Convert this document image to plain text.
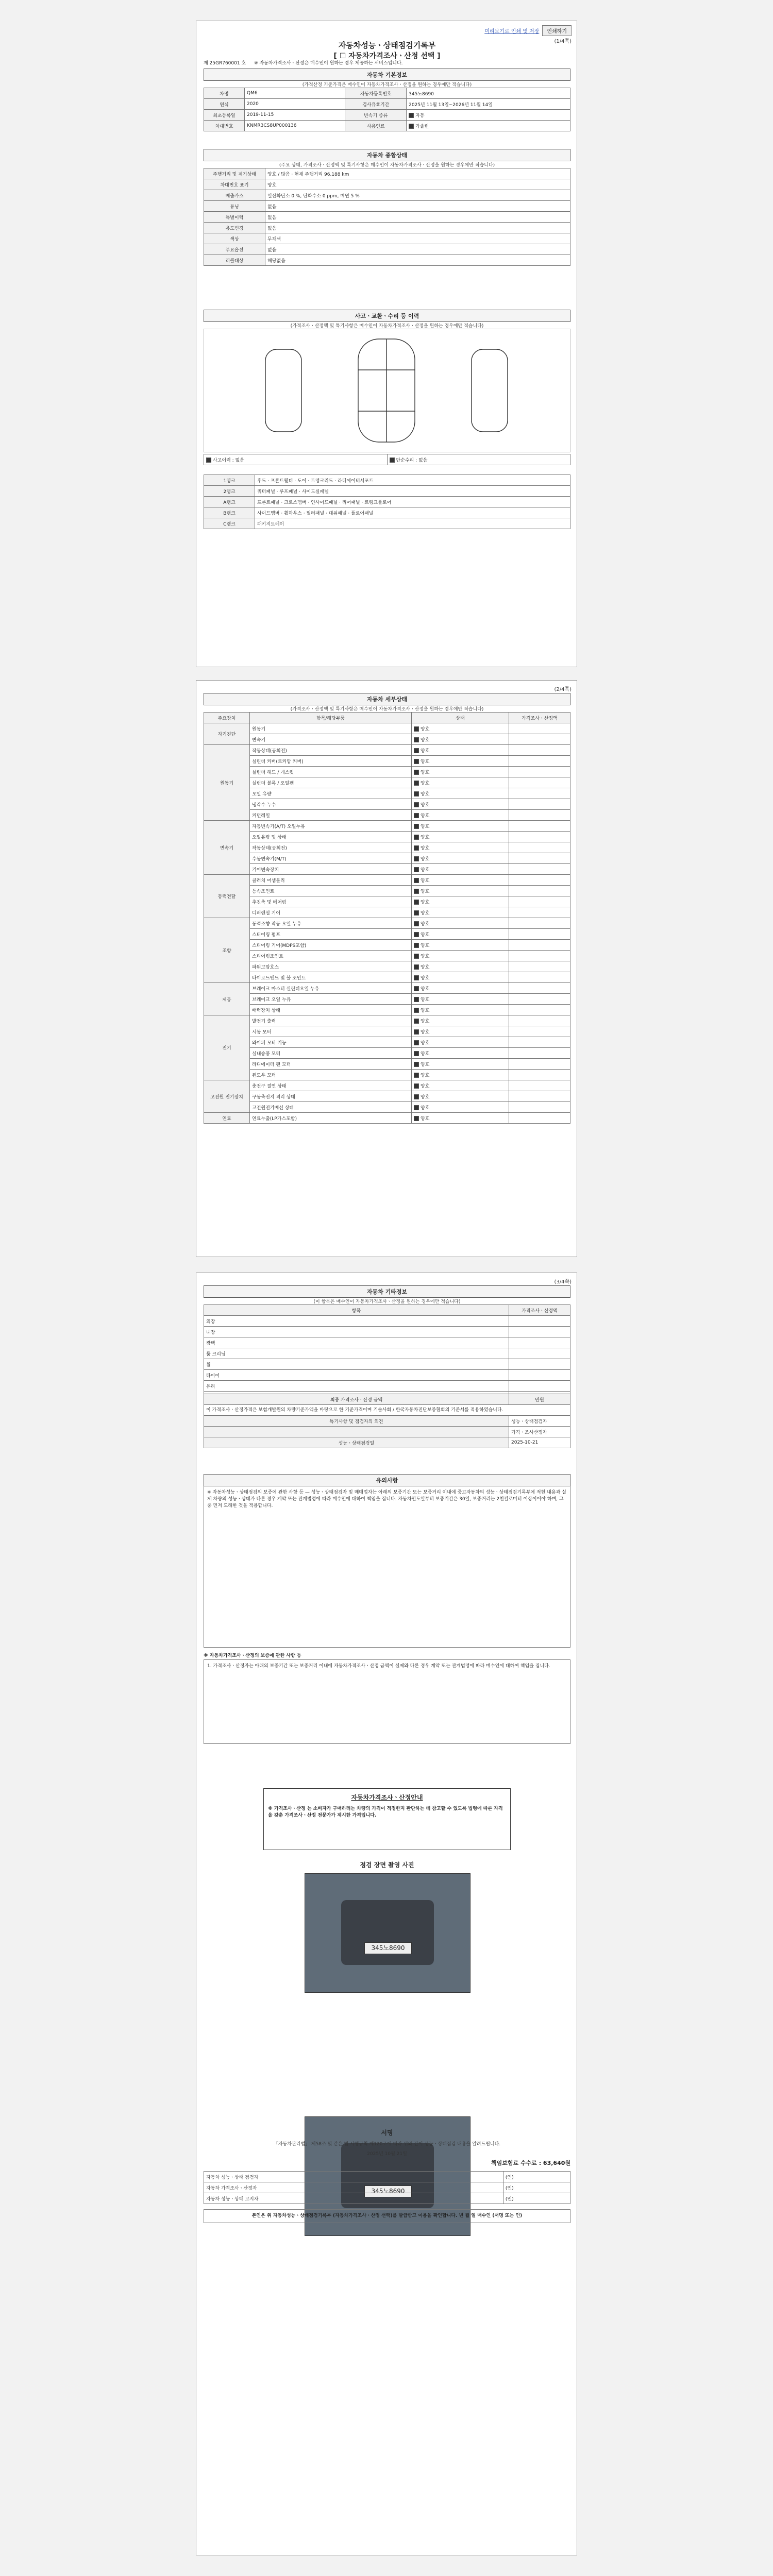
미리보기로 인쇄 및 저장	인쇄하기
(1/4쪽)
자동차성능ㆍ상태점검기록부
[ ☐ 자동차가격조사ㆍ산정 선택 ]
제 25GR760001 호 ※ 자동차가격조사ㆍ산정은 매수인이 원하는 경우 제공하는 서비스입니다.
자동차 기본정보
(가격산정 기준가격은 매수인이 자동차가격조사ㆍ산정을 원하는 경우에만 적습니다)
차명	QM6	자동차등록번호	345노8690
연식	2020	검사유효기간	2025년 11월 13일~2026년 11월 14일
최초등록일	2019-11-15	변속기 종류	자동
차대번호	KNMR3CS8UP000136	사용연료	가솔린
자동차 종합상태
(주요 상태, 가격조사ㆍ산정액 및 특기사항은 매수인이 자동차가격조사ㆍ산정을 원하는 경우에만 적습니다)
주행거리 및 계기상태	양호 / 많음 · 현재 주행거리 96,188 km
차대번호 표기	양호
배출가스	일산화탄소 0 %, 탄화수소 0 ppm, 매연 5 %
튜닝	없음
특별이력	없음
용도변경	없음
색상	무채색
주요옵션	없음
리콜대상	해당없음
사고ㆍ교환ㆍ수리 등 이력
(가격조사ㆍ산정액 및 특기사항은 매수인이 자동차가격조사ㆍ산정을 원하는 경우에만 적습니다)
사고이력 : 없음	단순수리 : 없음
1랭크	후드 · 프론트휀더 · 도어 · 트렁크리드 · 라디에이터서포트
2랭크	쿼터패널 · 루프패널 · 사이드실패널
A랭크	프론트패널 · 크로스멤버 · 인사이드패널 · 리어패널 · 트렁크플로어
B랭크	사이드멤버 · 휠하우스 · 필러패널 · 대쉬패널 · 플로어패널
C랭크	패키지트레이
(2/4쪽)
자동차 세부상태
(가격조사ㆍ산정액 및 특기사항은 매수인이 자동차가격조사ㆍ산정을 원하는 경우에만 적습니다)
주요장치	항목/해당부품	상태	가격조사ㆍ산정액
자기진단	원동기	양호	
	변속기	양호	
원동기	작동상태(공회전)	양호	
	실린더 커버(로커암 커버)	양호	
	실린더 헤드 / 개스킷	양호	
	실린더 블록 / 오일팬	양호	
	오일 유량	양호	
	냉각수 누수	양호	
	커먼레일	양호	
변속기	자동변속기(A/T) 오일누유	양호	
	오일유량 및 상태	양호	
	작동상태(공회전)	양호	
	수동변속기(M/T)	양호	
	기어변속장치	양호	
동력전달	클러치 어셈블리	양호	
	등속조인트	양호	
	추진축 및 베어링	양호	
	디퍼렌셜 기어	양호	
조향	동력조향 작동 오일 누유	양호	
	스티어링 펌프	양호	
	스티어링 기어(MDPS포함)	양호	
	스티어링조인트	양호	
	파워고압호스	양호	
	타이로드엔드 및 볼 조인트	양호	
제동	브레이크 마스터 실린더오일 누유	양호	
	브레이크 오일 누유	양호	
	배력장치 상태	양호	
전기	발전기 출력	양호	
	시동 모터	양호	
	와이퍼 모터 기능	양호	
	실내송풍 모터	양호	
	라디에이터 팬 모터	양호	
	윈도우 모터	양호	
고전원 전기장치	충전구 절연 상태	양호	
	구동축전지 격리 상태	양호	
	고전원전기배선 상태	양호	
연료	연료누출(LP가스포함)	양호	
(3/4쪽)
자동차 기타정보
(이 항목은 매수인이 자동차가격조사ㆍ산정을 원하는 경우에만 적습니다)
항목	가격조사ㆍ산정액
외장	
내장	
광택	
룸 크리닝	
휠	
타이어	
유리	

최종 가격조사ㆍ산정 금액	만원
이 가격조사ㆍ산정가격은 보험개발원의 차량기준가액을 바탕으로 한 기준가격이며 기술사회 / 한국자동차진단보증협회의 기준서를 적용하였습니다.	
특기사항 및 점검자의 의견	성능ㆍ상태점검자
	가격ㆍ조사산정자
성능ㆍ상태점검일	2025-10-21
유의사항
※ 자동차성능ㆍ상태점검의 보증에 관한 사항 등 — 성능ㆍ상태점검자 및 매매업자는 아래의 보증기간 또는 보증거리 이내에 중고자동차의 성능ㆍ상태점검기록부에 적힌 내용과 실제 차량의 성능ㆍ상태가 다른 경우 계약 또는 관계법령에 따라 매수인에 대하여 책임을 집니다. 자동차인도일부터 보증기간은 30일, 보증거리는 2천킬로미터 이상이어야 하며, 그 중 먼저 도래한 것을 적용합니다.
※ 자동차가격조사ㆍ산정의 보증에 관한 사항 등
1. 가격조사ㆍ산정자는 아래의 보증기간 또는 보증거리 이내에 자동차가격조사ㆍ산정 금액이 실제와 다른 경우 계약 또는 관계법령에 따라 매수인에 대하여 책임을 집니다.
자동차가격조사ㆍ산정안내
※ 가격조사ㆍ산정 는 소비자가 구매하려는 차량의 가격이 적정한지 판단하는 데 참고할 수 있도록 법령에 따른 자격을 갖춘 가격조사ㆍ산정 전문가가 제시한 가격입니다.
점검 장면 촬영 사진
345노8690
345노8690
서명
「자동차관리법」 제58조 및 같은 법 시행규칙 제120조에 따라 위와 같이 성능ㆍ상태점검 내용을 알려드립니다.
2025년 10월 21일
책임보험료 수수료 : 63,640원
자동차 성능ㆍ상태 점검자	(인)
자동차 가격조사ㆍ산정자	(인)
자동차 성능ㆍ상태 고지자	(인)
본인은 위 자동차성능ㆍ상태점검기록부 (자동차가격조사ㆍ산정 선택)를 발급받고 이용을 확인합니다. 년 월 일 매수인 (서명 또는 인)
